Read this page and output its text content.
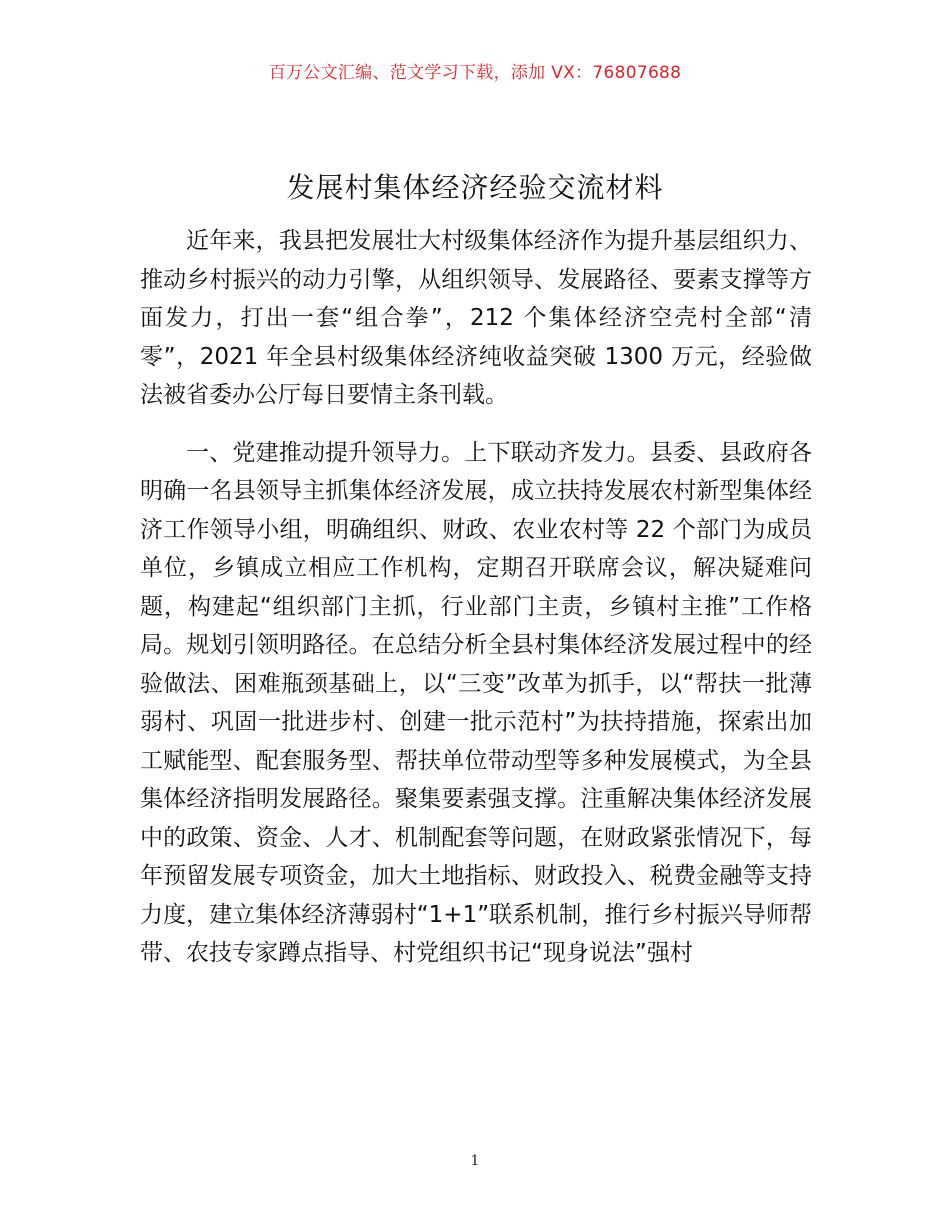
百万公文汇编、范文学习下载，添加 VX：76807688
发展村集体经济经验交流材料

近年来，我县把发展壮大村级集体经济作为提升基层组织力、推动乡村振兴的动力引擎，从组织领导、发展路径、要素支撑等方面发力，打出一套“组合拳”，212 个集体经济空壳村全部“清零”，2021 年全县村级集体经济纯收益突破 1300 万元，经验做法被省委办公厅每日要情主条刊载。

一、党建推动提升领导力。上下联动齐发力。县委、县政府各明确一名县领导主抓集体经济发展，成立扶持发展农村新型集体经济工作领导小组，明确组织、财政、农业农村等 22 个部门为成员单位，乡镇成立相应工作机构，定期召开联席会议，解决疑难问题，构建起“组织部门主抓，行业部门主责，乡镇村主推”工作格局。规划引领明路径。在总结分析全县村集体经济发展过程中的经验做法、困难瓶颈基础上，以“三变”改革为抓手，以“帮扶一批薄弱村、巩固一批进步村、创建一批示范村”为扶持措施，探索出加工赋能型、配套服务型、帮扶单位带动型等多种发展模式，为全县集体经济指明发展路径。聚集要素强支撑。注重解决集体经济发展中的政策、资金、人才、机制配套等问题，在财政紧张情况下，每年预留发展专项资金，加大土地指标、财政投入、税费金融等支持力度，建立集体经济薄弱村“1+1”联系机制，推行乡村振兴导师帮带、农技专家蹲点指导、村党组织书记“现身说法”强村

1
